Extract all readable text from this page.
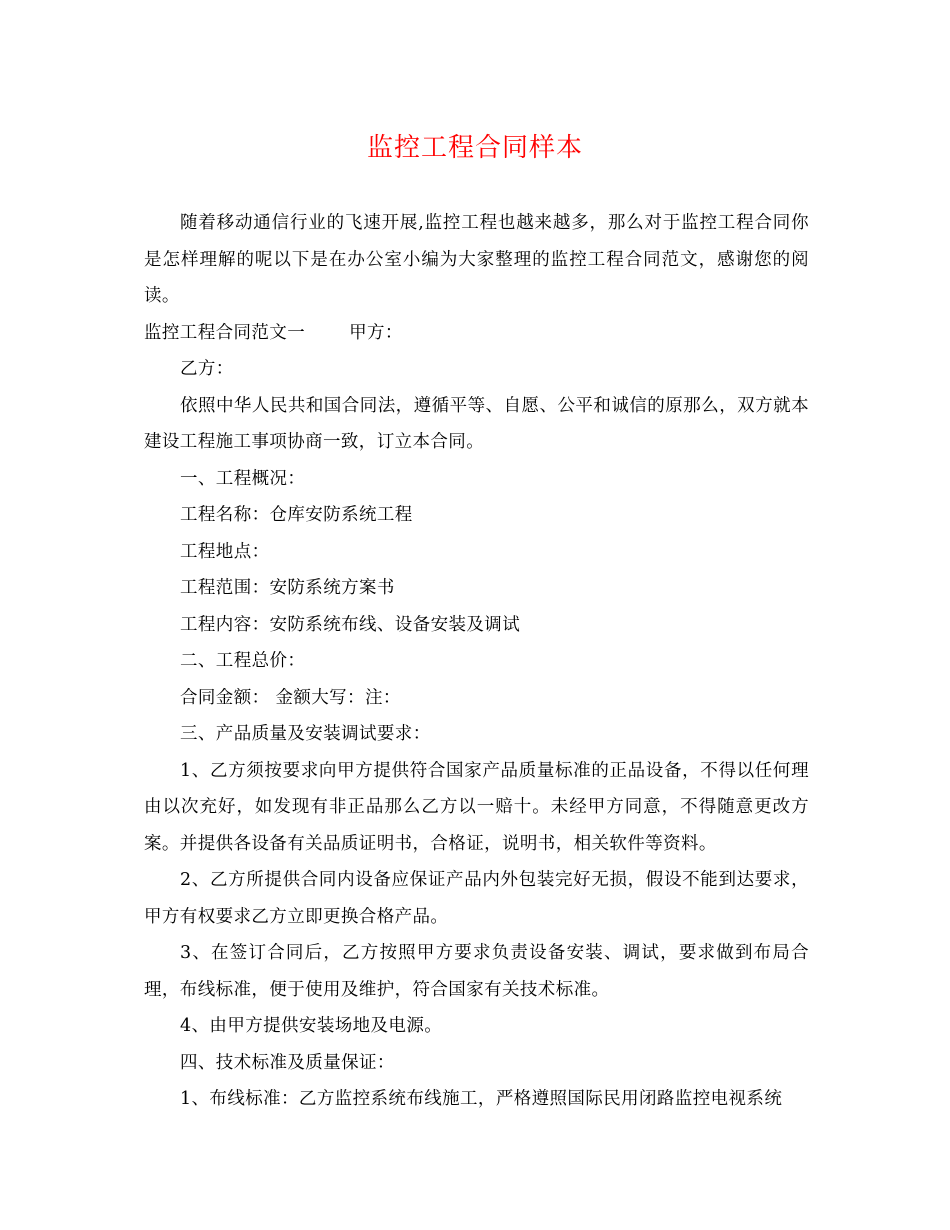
监控工程合同样本

随着移动通信行业的飞速开展,监控工程也越来越多，那么对于监控工程合同你是怎样理解的呢以下是在办公室小编为大家整理的监控工程合同范文，感谢您的阅读。

监控工程合同范文一	甲方：

乙方：

依照中华人民共和国合同法，遵循平等、自愿、公平和诚信的原那么，双方就本建设工程施工事项协商一致，订立本合同。

一、工程概况：

工程名称：仓库安防系统工程

工程地点：

工程范围：安防系统方案书

工程内容：安防系统布线、设备安装及调试

二、工程总价：

合同金额： 金额大写：注：

三、产品质量及安装调试要求：

1、乙方须按要求向甲方提供符合国家产品质量标准的正品设备，不得以任何理由以次充好，如发现有非正品那么乙方以一赔十。未经甲方同意，不得随意更改方案。并提供各设备有关品质证明书，合格证，说明书，相关软件等资料。

2、乙方所提供合同内设备应保证产品内外包装完好无损，假设不能到达要求，甲方有权要求乙方立即更换合格产品。

3、在签订合同后，乙方按照甲方要求负责设备安装、调试，要求做到布局合理，布线标准，便于使用及维护，符合国家有关技术标准。

4、由甲方提供安装场地及电源。

四、技术标准及质量保证：

1、布线标准：乙方监控系统布线施工，严格遵照国际民用闭路监控电视系统
